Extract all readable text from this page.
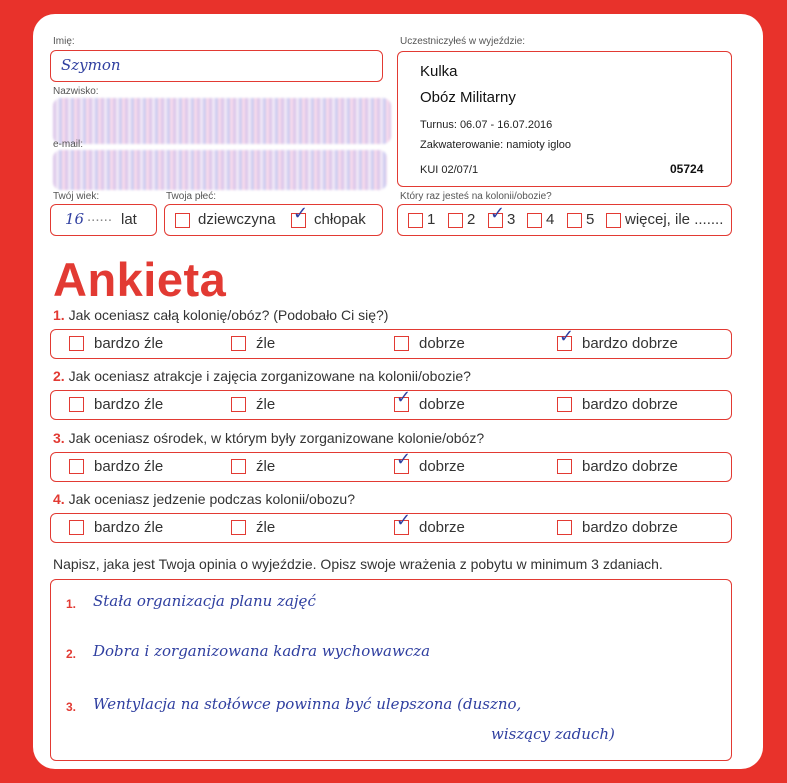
Imię:
Szymon
Nazwisko:
e-mail:
Twój wiek:
16 ...... lat
Twoja płeć:
dziewczyna ✓ chłopak
Uczestniczyłeś w wyjeździe:
Kulka
Obóz Militarny
Turnus: 06.07 - 16.07.2016
Zakwaterowanie: namioty igloo
KUI 02/07/1	05724
Który raz jesteś na kolonii/obozie?
1 2 ✓ 3 4 5 więcej, ile .......
Ankieta
1. Jak oceniasz całą kolonię/obóz? (Podobało Ci się?)
bardzo źle	źle	dobrze	✓ bardzo dobrze
2. Jak oceniasz atrakcje i zajęcia zorganizowane na kolonii/obozie?
bardzo źle	źle	✓ dobrze	bardzo dobrze
3. Jak oceniasz ośrodek, w którym były zorganizowane kolonie/obóz?
bardzo źle	źle	✓ dobrze	bardzo dobrze
4. Jak oceniasz jedzenie podczas kolonii/obozu?
bardzo źle	źle	✓ dobrze	bardzo dobrze
Napisz, jaka jest Twoja opinia o wyjeździe. Opisz swoje wrażenia z pobytu w minimum 3 zdaniach.
1. Stała organizacja planu zajęć
2. Dobra i zorganizowana kadra wychowawcza
3. Wentylacja na stołówce powinna być ulepszona (duszno,
wiszący zaduch)
